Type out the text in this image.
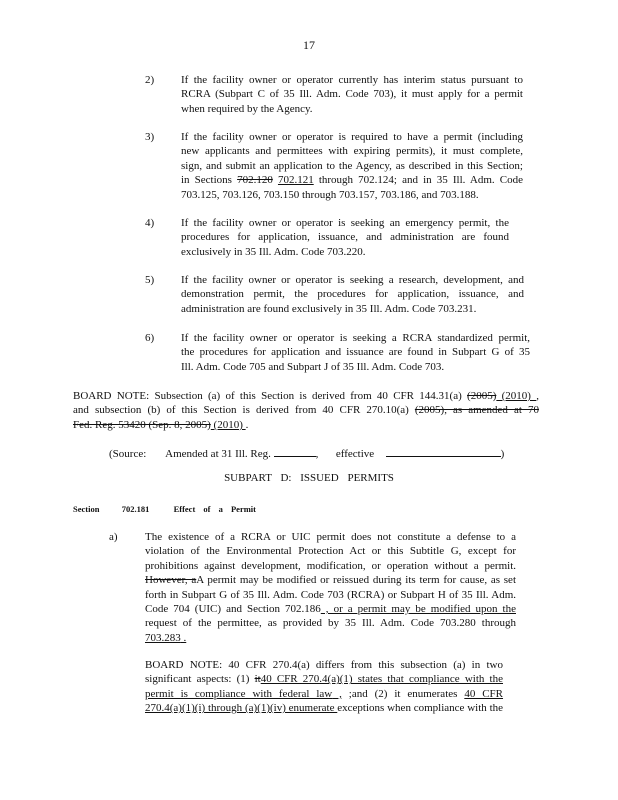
17
2) If the facility owner or operator currently has interim status pursuant to
RCRA (Subpart C of 35 Ill. Adm. Code 703), it must apply for a permit
when required by the Agency.
3) If the facility owner or operator is required to have a permit (including
new applicants and permittees with expiring permits), it must complete,
sign, and submit an application to the Agency, as described in this Section;
in Sections 702.120 702.121 through 702.124; and in 35 Ill. Adm. Code
703.125, 703.126, 703.150 through 703.157, 703.186, and 703.188.
4) If the facility owner or operator is seeking an emergency permit, the
procedures for application, issuance, and administration are found
exclusively in 35 Ill. Adm. Code 703.220.
5) If the facility owner or operator is seeking a research, development, and
demonstration permit, the procedures for application, issuance, and
administration are found exclusively in 35 Ill. Adm. Code 703.231.
6) If the facility owner or operator is seeking a RCRA standardized permit,
the procedures for application and issuance are found in Subpart G of 35
Ill. Adm. Code 705 and Subpart J of 35 Ill. Adm. Code 703.
BOARD NOTE: Subsection (a) of this Section is derived from 40 CFR 144.31(a) (2005) (2010) ,
and subsection (b) of this Section is derived from 40 CFR 270.10(a) (2005), as amended at 70
Fed. Reg. 53420 (Sep. 8, 2005) (2010) .
(Source: Amended at 31 Ill. Reg.	, effective	)
SUBPART D: ISSUED PERMITS
Section	702.181	Effect of a Permit
a) The existence of a RCRA or UIC permit does not constitute a defense to a
violation of the Environmental Protection Act or this Subtitle G, except for
prohibitions against development, modification, or operation without a permit.
However, aA permit may be modified or reissued during its term for cause, as set
forth in Subpart G of 35 Ill. Adm. Code 703 (RCRA) or Subpart H of 35 Ill. Adm.
Code 704 (UIC) and Section 702.186 , or a permit may be modified upon the
request of the permittee, as provided by 35 Ill. Adm. Code 703.280 through
703.283 .
BOARD NOTE: 40 CFR 270.4(a) differs from this subsection (a) in two
significant aspects: (1) it40 CFR 270.4(a)(1) states that compliance with the
permit is compliance with federal law , ;and (2) it enumerates 40 CFR
270.4(a)(1)(i) through (a)(1)(iv) enumerate exceptions when compliance with the
